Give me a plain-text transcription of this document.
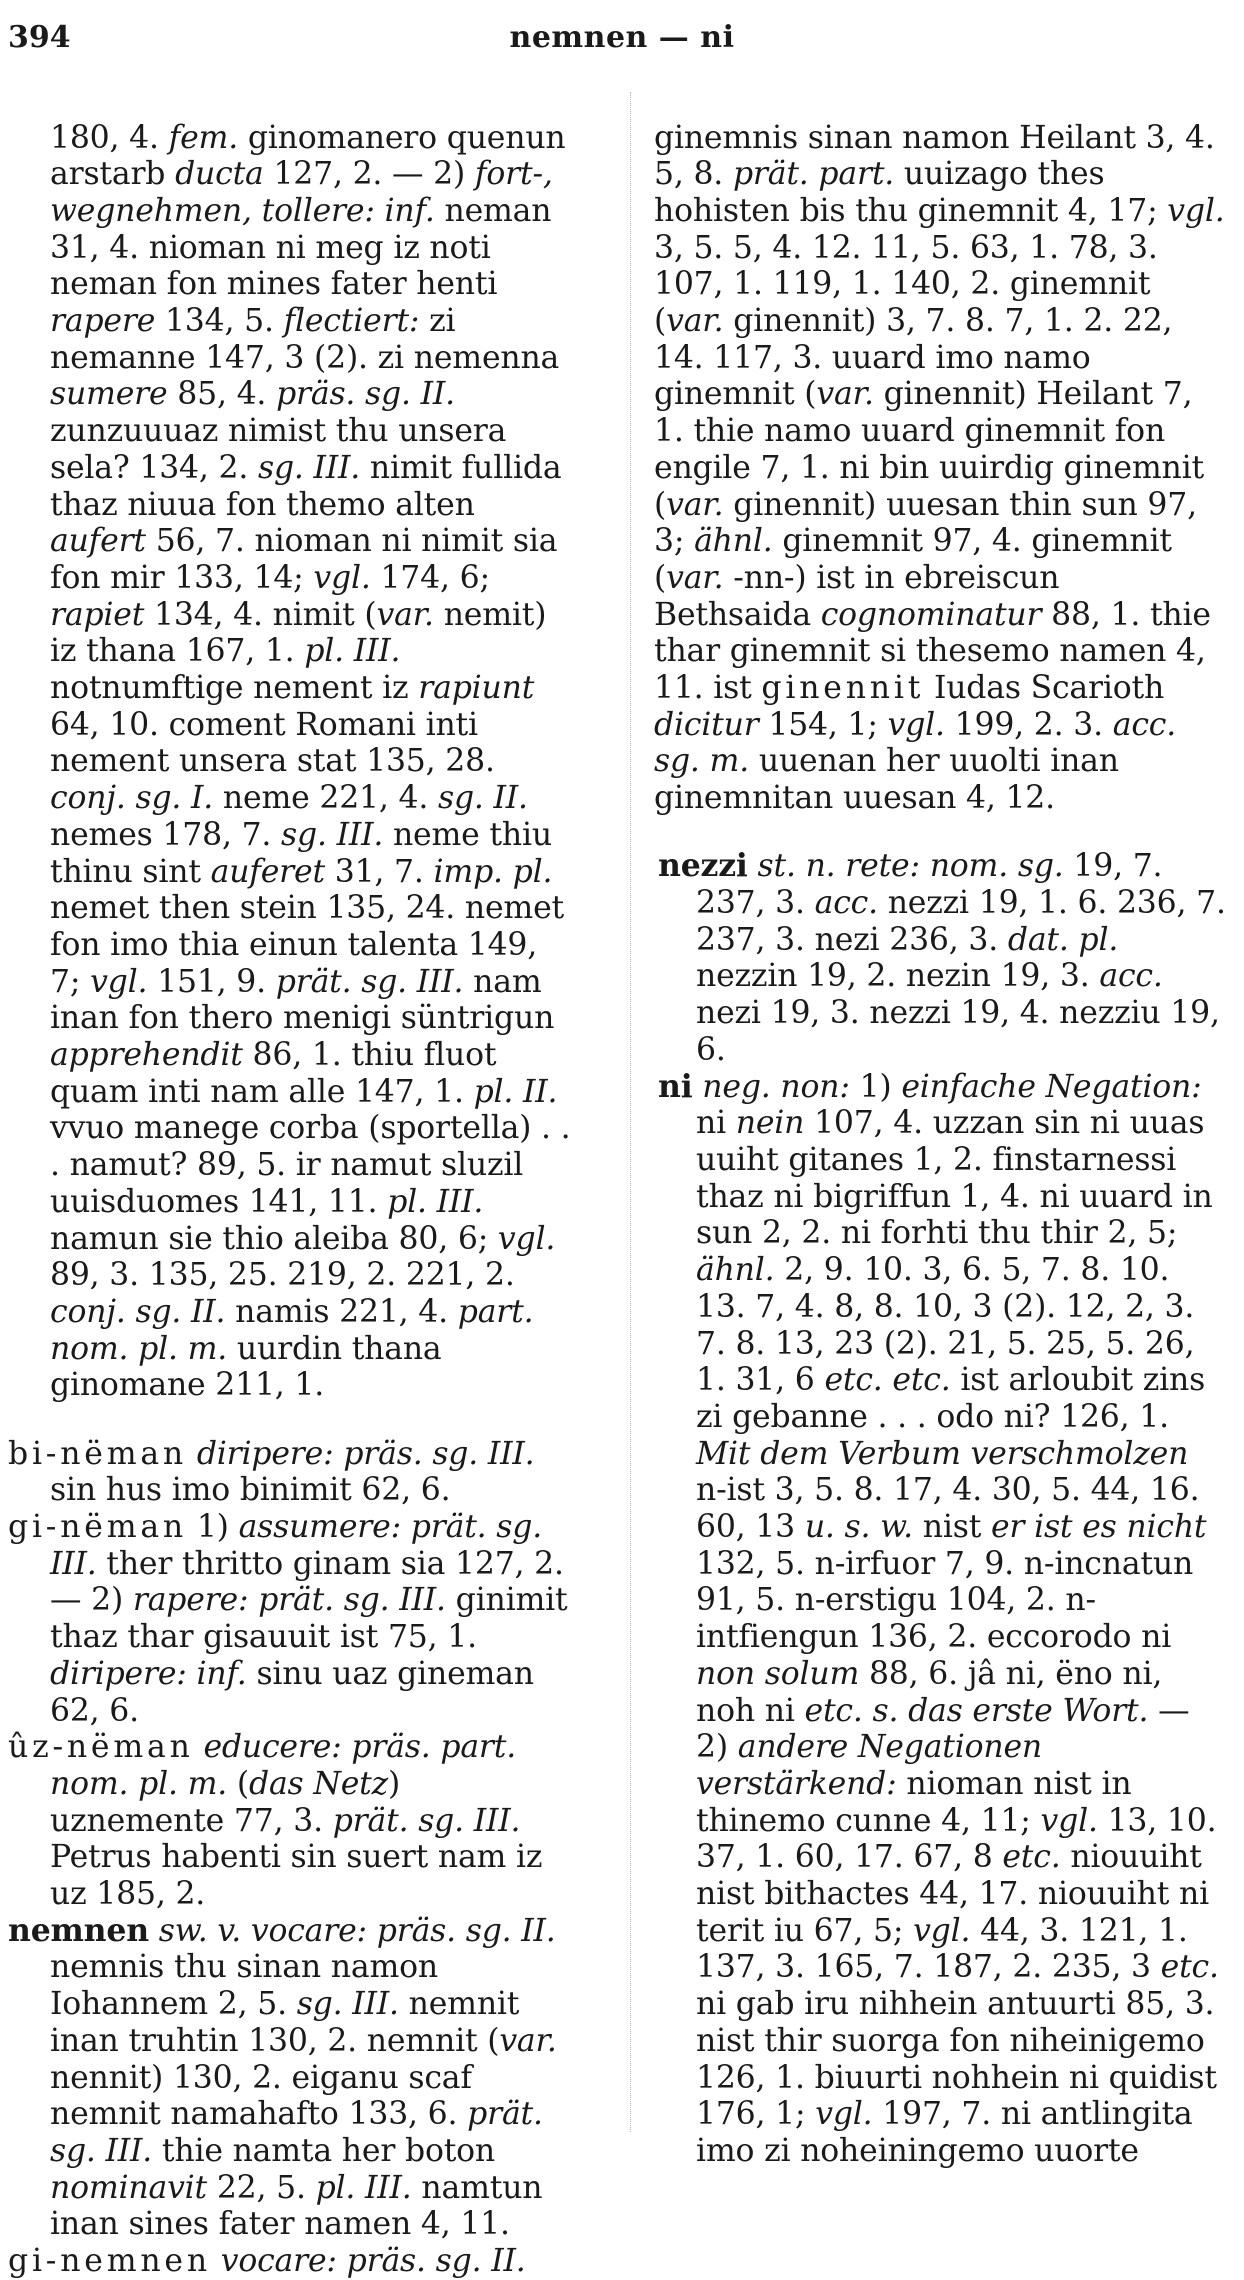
nemnen — ni
394

180, 4. fem. ginomanero quenun arstarb ducta 127, 2. — 2) fort-, wegnehmen, tollere: inf. neman 31, 4. nioman ni meg iz noti neman fon mines fater henti rapere 134, 5. flectiert: zi nemanne 147, 3 (2). zi nemenna sumere 85, 4. präs. sg. II. zunzuuuaz nimist thu unsera sela? 134, 2. sg. III. nimit fullida thaz niuua fon themo alten aufert 56, 7. nioman ni nimit sia fon mir 133, 14; vgl. 174, 6; rapiet 134, 4. nimit (var. nemit) iz thana 167, 1. pl. III. notnumftige nement iz rapiunt 64, 10. coment Romani inti nement unsera stat 135, 28. conj. sg. I. neme 221, 4. sg. II. nemes 178, 7. sg. III. neme thiu thinu sint auferet 31, 7. imp. pl. nemet then stein 135, 24. nemet fon imo thia einun talenta 149, 7; vgl. 151, 9. prät. sg. III. nam inan fon thero menigi süntrigun apprehendit 86, 1. thiu fluot quam inti nam alle 147, 1. pl. II. vvuo manege corba (sportella) . . . namut? 89, 5. ir namut sluzil uuisduomes 141, 11. pl. III. namun sie thio aleiba 80, 6; vgl. 89, 3. 135, 25. 219, 2. 221, 2. conj. sg. II. namis 221, 4. part. nom. pl. m. uurdin thana ginomane 211, 1.

bi-nëman diripere: präs. sg. III. sin hus imo binimit 62, 6.

gi-nëman 1) assumere: prät. sg. III. ther thritto ginam sia 127, 2. — 2) rapere: prät. sg. III. ginimit thaz thar gisauuit ist 75, 1. diripere: inf. sinu uaz gineman 62, 6.

ûz-nëman educere: präs. part. nom. pl. m. (das Netz) uznemente 77, 3. prät. sg. III. Petrus habenti sin suert nam iz uz 185, 2.

nemnen sw. v. vocare: präs. sg. II. nemnis thu sinan namon Iohannem 2, 5. sg. III. nemnit inan truhtin 130, 2. nemnit (var. nennit) 130, 2. eiganu scaf nemnit namahafto 133, 6. prät. sg. III. thie namta her boton nominavit 22, 5. pl. III. namtun inan sines fater namen 4, 11.

gi-nemnen vocare: präs. sg. II.

ginemnis sinan namon Heilant 3, 4. 5, 8. prät. part. uuizago thes hohisten bis thu ginemnit 4, 17; vgl. 3, 5. 5, 4. 12. 11, 5. 63, 1. 78, 3. 107, 1. 119, 1. 140, 2. ginemnit (var. ginennit) 3, 7. 8. 7, 1. 2. 22, 14. 117, 3. uuard imo namo ginemnit (var. ginennit) Heilant 7, 1. thie namo uuard ginemnit fon engile 7, 1. ni bin uuirdig ginemnit (var. ginennit) uuesan thin sun 97, 3; ähnl. ginemnit 97, 4. ginemnit (var. -nn-) ist in ebreiscun Bethsaida cognominatur 88, 1. thie thar ginemnit si thesemo namen 4, 11. ist ginennit Iudas Scarioth dicitur 154, 1; vgl. 199, 2. 3. acc. sg. m. uuenan her uuolti inan ginemnitan uuesan 4, 12.

nezzi st. n. rete: nom. sg. 19, 7. 237, 3. acc. nezzi 19, 1. 6. 236, 7. 237, 3. nezi 236, 3. dat. pl. nezzin 19, 2. nezin 19, 3. acc. nezi 19, 3. nezzi 19, 4. nezziu 19, 6.

ni neg. non: 1) einfache Negation: ni nein 107, 4. uzzan sin ni uuas uuiht gitanes 1, 2. finstarnessi thaz ni bigriffun 1, 4. ni uuard in sun 2, 2. ni forhti thu thir 2, 5; ähnl. 2, 9. 10. 3, 6. 5, 7. 8. 10. 13. 7, 4. 8, 8. 10, 3 (2). 12, 2, 3. 7. 8. 13, 23 (2). 21, 5. 25, 5. 26, 1. 31, 6 etc. etc. ist arloubit zins zi gebanne . . . odo ni? 126, 1. Mit dem Verbum verschmolzen n-ist 3, 5. 8. 17, 4. 30, 5. 44, 16. 60, 13 u. s. w. nist er ist es nicht 132, 5. n-irfuor 7, 9. n-incnatun 91, 5. n-erstigu 104, 2. n-intfiengun 136, 2. eccorodo ni non solum 88, 6. jâ ni, ëno ni, noh ni etc. s. das erste Wort. — 2) andere Negationen verstärkend: nioman nist in thinemo cunne 4, 11; vgl. 13, 10. 37, 1. 60, 17. 67, 8 etc. niouuiht nist bithactes 44, 17. niouuiht ni terit iu 67, 5; vgl. 44, 3. 121, 1. 137, 3. 165, 7. 187, 2. 235, 3 etc. ni gab iru nihhein antuurti 85, 3. nist thir suorga fon niheinigemo 126, 1. biuurti nohhein ni quidist 176, 1; vgl. 197, 7. ni antlingita imo zi noheiningemo uuorte
